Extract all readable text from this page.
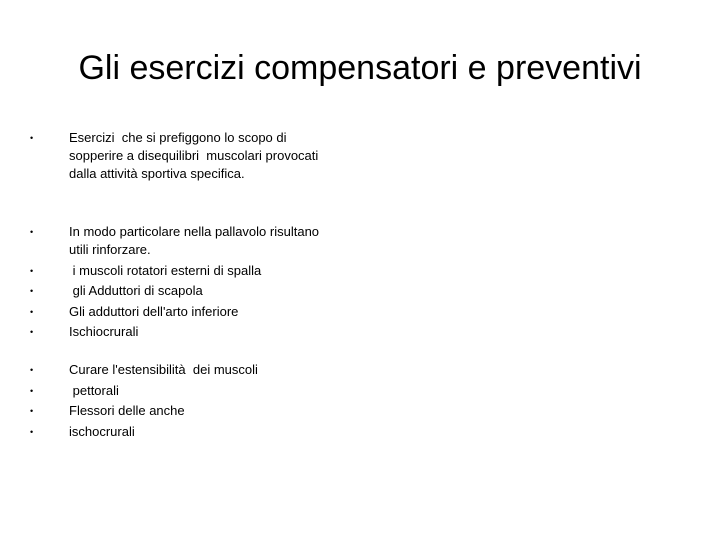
Gli esercizi compensatori e preventivi
•	Esercizi  che si prefiggono lo scopo di
sopperire a disequilibri  muscolari provocati
dalla attività sportiva specifica.
•	In modo particolare nella pallavolo risultano
utili rinforzare.
•	i muscoli rotatori esterni di spalla
•	gli Adduttori di scapola
•	Gli adduttori dell'arto inferiore
•	Ischiocrurali
•	Curare l'estensibilità  dei muscoli
•	pettorali
•	Flessori delle anche
•	ischocrurali
